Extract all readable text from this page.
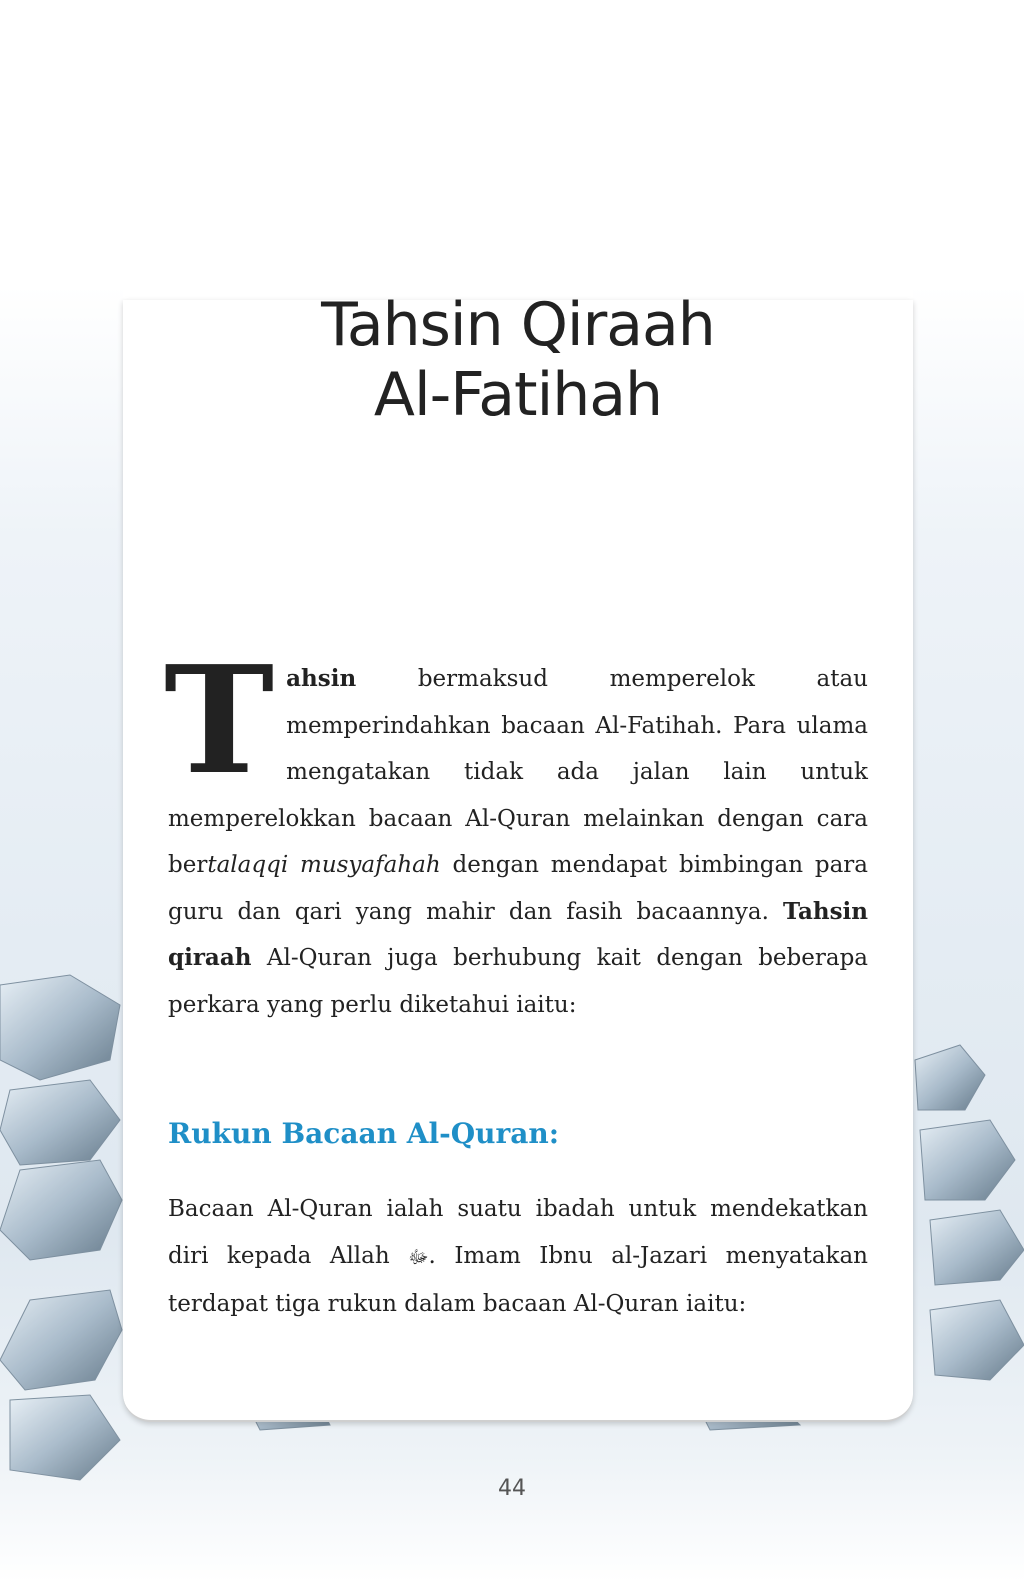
Tahsin Qiraah
Al-Fatihah

Tahsin bermaksud memperelok atau memperindahkan bacaan Al-Fatihah. Para ulama mengatakan tidak ada jalan lain untuk memperelokkan bacaan Al-Quran melainkan dengan cara bertalaqqi musyafahah dengan mendapat bimbingan para guru dan qari yang mahir dan fasih bacaannya. Tahsin qiraah Al-Quran juga berhubung kait dengan beberapa perkara yang perlu diketahui iaitu:

Rukun Bacaan Al-Quran:

Bacaan Al-Quran ialah suatu ibadah untuk mendekatkan diri kepada Allah ﷻ. Imam Ibnu al-Jazari menyatakan terdapat tiga rukun dalam bacaan Al-Quran iaitu:

44
